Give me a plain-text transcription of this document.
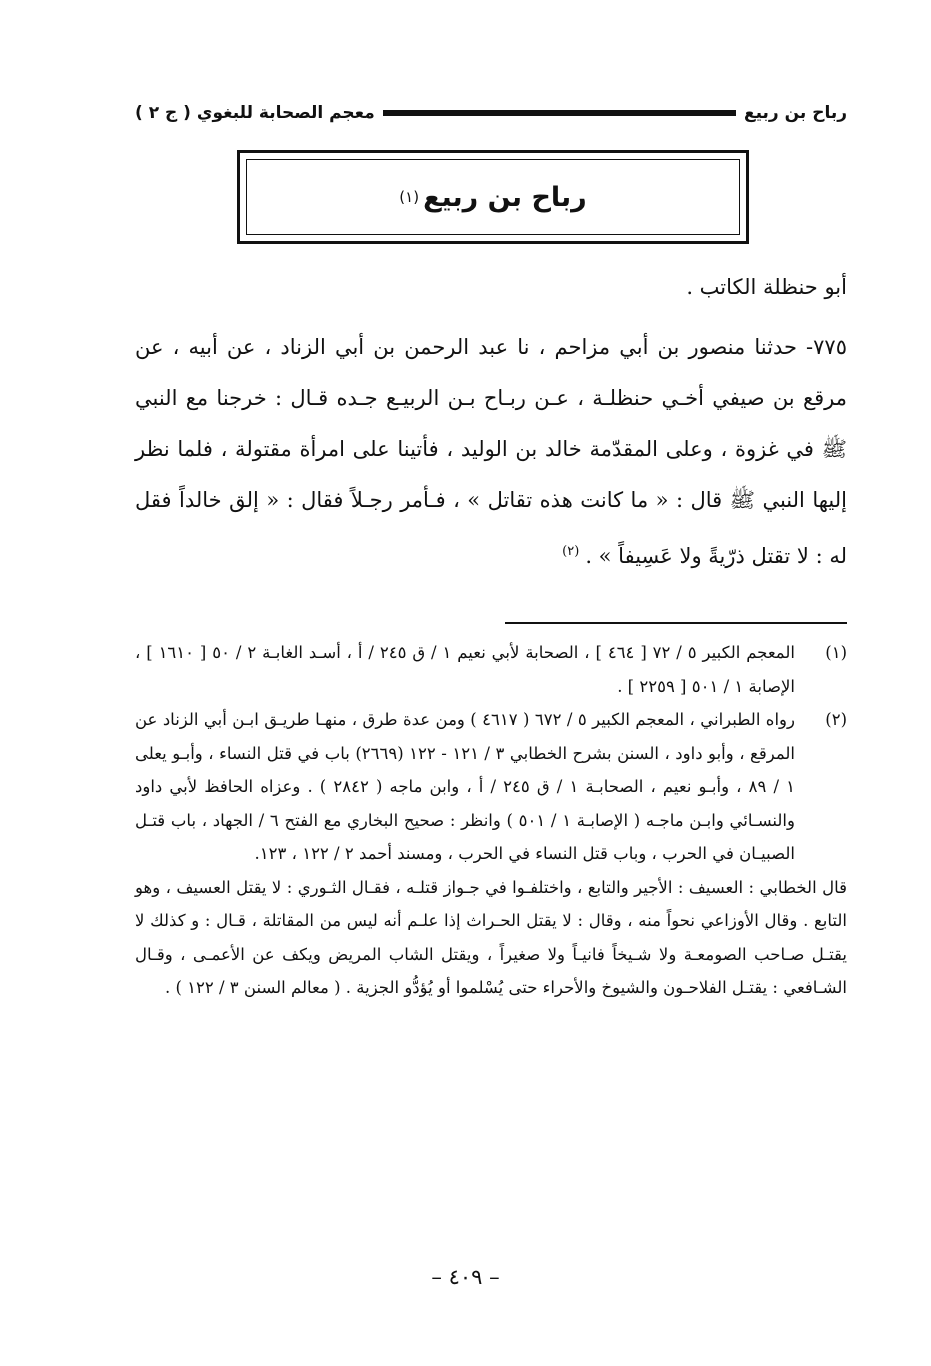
رباح بن ربيع
معجم الصحابة للبغوي ( ج ٢ )
رباح بن ربيع
(١)
أبو حنظلة الكاتب .
٧٧٥- حدثنا منصور بن أبي مزاحم ، نا عبد الرحمن بن أبي الزناد ، عن أبيه ، عن مرقع بن صيفي أخـي حنظلـة ، عـن ربـاح بـن الربيـع جـده قـال : خرجنا مع النبي ﷺ في غزوة ، وعلى المقدّمة خالد بن الوليد ، فأتينا على امرأة مقتولة ، فلما نظر إليها النبي ﷺ قال : « ما كانت هذه تقاتل » ، فـأمر رجـلاً فقال : « إلق خالداً فقل له : لا تقتل ذرّيةً ولا عَسِيفاً » .$^{(٢)}$
(١)
المعجم الكبير ٥ / ٧٢ [ ٤٦٤ ] ، الصحابة لأبي نعيم ١ / ق ٢٤٥ / أ ، أسـد الغابـة ٢ / ٥٠ [ ١٦١٠ ] ، الإصابة ١ / ٥٠١ [ ٢٢٥٩ ] .
(٢)
رواه الطبراني ، المعجم الكبير ٥ / ٦٧٢ ( ٤٦١٧ ) ومن عدة طرق ، منهـا طريـق ابـن أبي الزناد عن المرقع ، وأبو داود ، السنن بشرح الخطابي ٣ / ١٢١ - ١٢٢ (٢٦٦٩) باب في قتل النساء ، وأبـو يعلى ١ / ٨٩ ، وأبـو نعيم ، الصحابـة ١ / ق ٢٤٥ / أ ، وابن ماجه ( ٢٨٤٢ ) . وعزاه الحافظ لأبي داود والنسـائي وابـن ماجـه ( الإصابـة ١ / ٥٠١ ) وانظر : صحيح البخاري مع الفتح ٦ / الجهاد ، باب قتـل الصبيـان في الحرب ، وباب قتل النساء في الحرب ، ومسند أحمد ٢ / ١٢٢ ، ١٢٣.
قال الخطابي : العسيف : الأجير والتابع ، واختلفـوا في جـواز قتلـه ، فقـال الثـوري : لا يقتل العسيف ، وهو التابع . وقال الأوزاعي نحواً منه ، وقال : لا يقتل الحـراث إذا علـم أنه ليس من المقاتلة ، قـال : و كذلك لا يقتـل صـاحب الصومعـة ولا شـيخاً فانيـاً ولا صغيراً ، ويقتل الشاب المريض ويكف عن الأعمـى ، وقـال الشـافعي : يقتـل الفلاحـون والشيوخ والأحراء حتى يُسْلموا أو يُؤدُّو الجزية . ( معالم السنن ٣ / ١٢٢ ) .
– ٤٠٩ –
